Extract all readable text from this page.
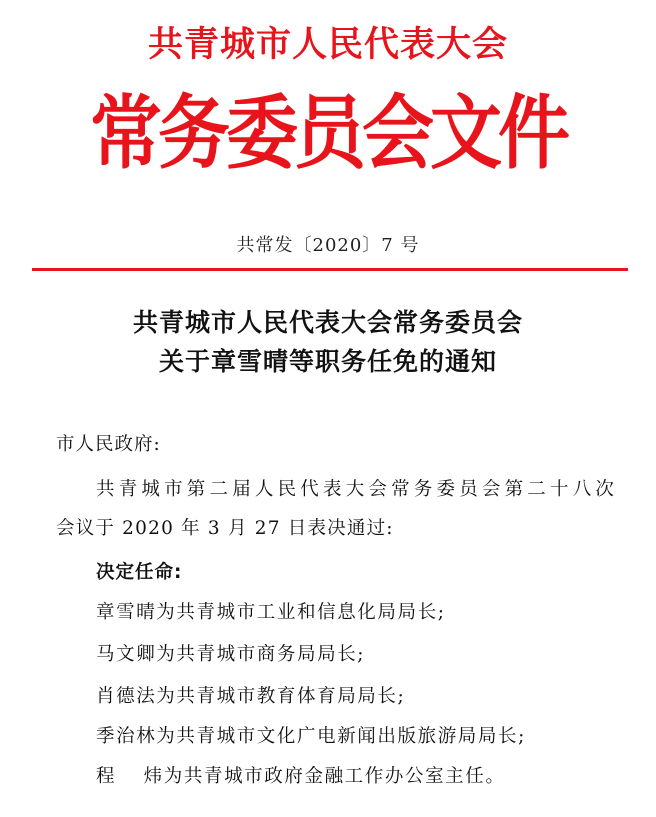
共青城市人民代表大会
常务委员会文件
共常发〔2020〕7 号
共青城市人民代表大会常务委员会
关于章雪晴等职务任免的通知
市人民政府:
共青城市第二届人民代表大会常务委员会第二十八次
会议于 2020 年 3 月 27 日表决通过:
决定任命:
章雪晴为共青城市工业和信息化局局长;
马文卿为共青城市商务局局长;
肖德法为共青城市教育体育局局长;
季治林为共青城市文化广电新闻出版旅游局局长;
程　 炜为共青城市政府金融工作办公室主任。
